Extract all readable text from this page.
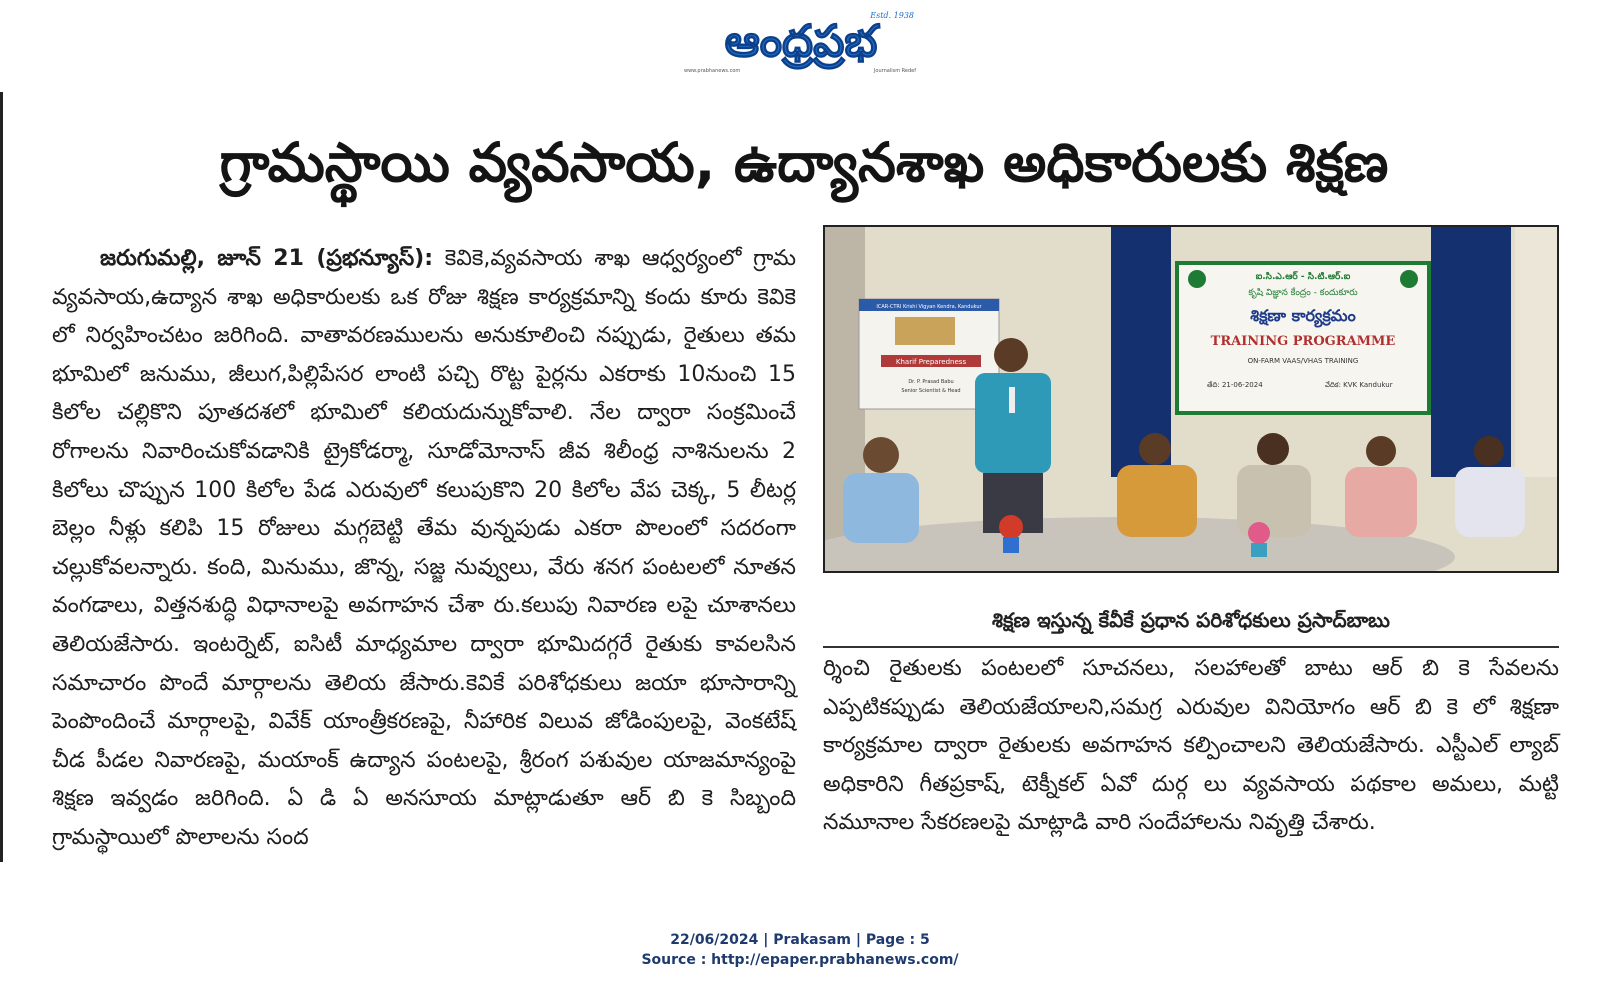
ఆంధ్రప్రభ
Estd. 1938
www.prabhanews.com	Journalism Redef
గ్రామస్థాయి వ్యవసాయ, ఉద్యానశాఖ అధికారులకు శిక్షణ

జరుగుమల్లి, జూన్ 21 (ప్రభన్యూస్): కెవికె,వ్యవసాయ శాఖ ఆధ్వర్యంలో గ్రామ వ్యవసాయ,ఉద్యాన శాఖ అధికారులకు ఒక రోజు శిక్షణ కార్యక్రమాన్ని కందు కూరు కెవికె లో నిర్వహించటం జరిగింది. వాతావరణములను అనుకూలించి నప్పుడు, రైతులు తమ భూమిలో జనుము, జీలుగ,పిల్లిపేసర లాంటి పచ్చి రొట్ట పైర్లను ఎకరాకు 10నుంచి 15 కిలోల చల్లికొని పూతదశలో భూమిలో కలియదున్నుకోవాలి. నేల ద్వారా సంక్రమించే రోగాలను నివారించుకోవడానికి ట్రైకోడర్మా, సూడోమోనాస్ జీవ శిలీంధ్ర నాశినులను 2 కిలోలు చొప్పున 100 కిలోల పేడ ఎరువులో కలుపుకొని 20 కిలోల వేప చెక్క, 5 లీటర్ల బెల్లం నీళ్లు కలిపి 15 రోజులు మగ్గబెట్టి తేమ వున్నపుడు ఎకరా పొలంలో సదరంగా చల్లుకోవలన్నారు. కంది, మినుము, జొన్న, సజ్జ నువ్వులు, వేరు శనగ పంటలలో నూతన వంగడాలు, విత్తనశుద్ధి విధానాలపై అవగాహన చేశా రు.కలుపు నివారణ లపై చూశానలు తెలియజేసారు. ఇంటర్నెట్, ఐసిటీ మాధ్యమాల ద్వారా భూమిదగ్గరే రైతుకు కావలసిన సమాచారం పొందే మార్గాలను తెలియ జేసారు.కెవికే పరిశోధకులు జయా భూసారాన్ని పెంపొందించే మార్గాలపై, వివేక్ యాంత్రీకరణపై, నీహారిక విలువ జోడింపులపై, వెంకటేష్ చీడ పీడల నివారణపై, మయాంక్ ఉద్యాన పంటలపై, శ్రీరంగ పశువుల యాజమాన్యంపై శిక్షణ ఇవ్వడం జరిగింది. ఏ డి ఏ అనసూయ మాట్లాడుతూ ఆర్ బి కె సిబ్బంది గ్రామస్థాయిలో పొలాలను సంద

ICAR-CTRI Krishi Vigyan Kendra, Kandukur
Kharif Preparedness
Dr. P. Prasad Babu
Senior Scientist & Head
ఐ.సి.ఎ.ఆర్ - సి.టి.ఆర్.ఐ
కృషి విజ్ఞాన కేంద్రం - కందుకూరు
శిక్షణా కార్యక్రమం
TRAINING PROGRAMME
ON-FARM VAAS/VHAS TRAINING
తేది: 21-06-2024	వేదిక: KVK Kandukur
శిక్షణ ఇస్తున్న కేవీకే ప్రధాన పరిశోధకులు ప్రసాద్‌బాబు

ర్శించి రైతులకు పంటలలో సూచనలు, సలహాలతో బాటు ఆర్ బి కె సేవలను ఎప్పటికప్పుడు తెలియజేయాలని,సమగ్ర ఎరువుల వినియోగం ఆర్ బి కె లో శిక్షణా కార్యక్రమాల ద్వారా రైతులకు అవగాహన కల్పించాలని తెలియజేసారు. ఎస్టీఎల్ ల్యాబ్ అధికారిని గీతప్రకాష్, టెక్నీకల్ ఏవో దుర్గ లు వ్యవసాయ పథకాల అమలు, మట్టి నమూనాల సేకరణలపై మాట్లాడి వారి సందేహాలను నివృత్తి చేశారు.

22/06/2024 | Prakasam | Page : 5
Source : http://epaper.prabhanews.com/
